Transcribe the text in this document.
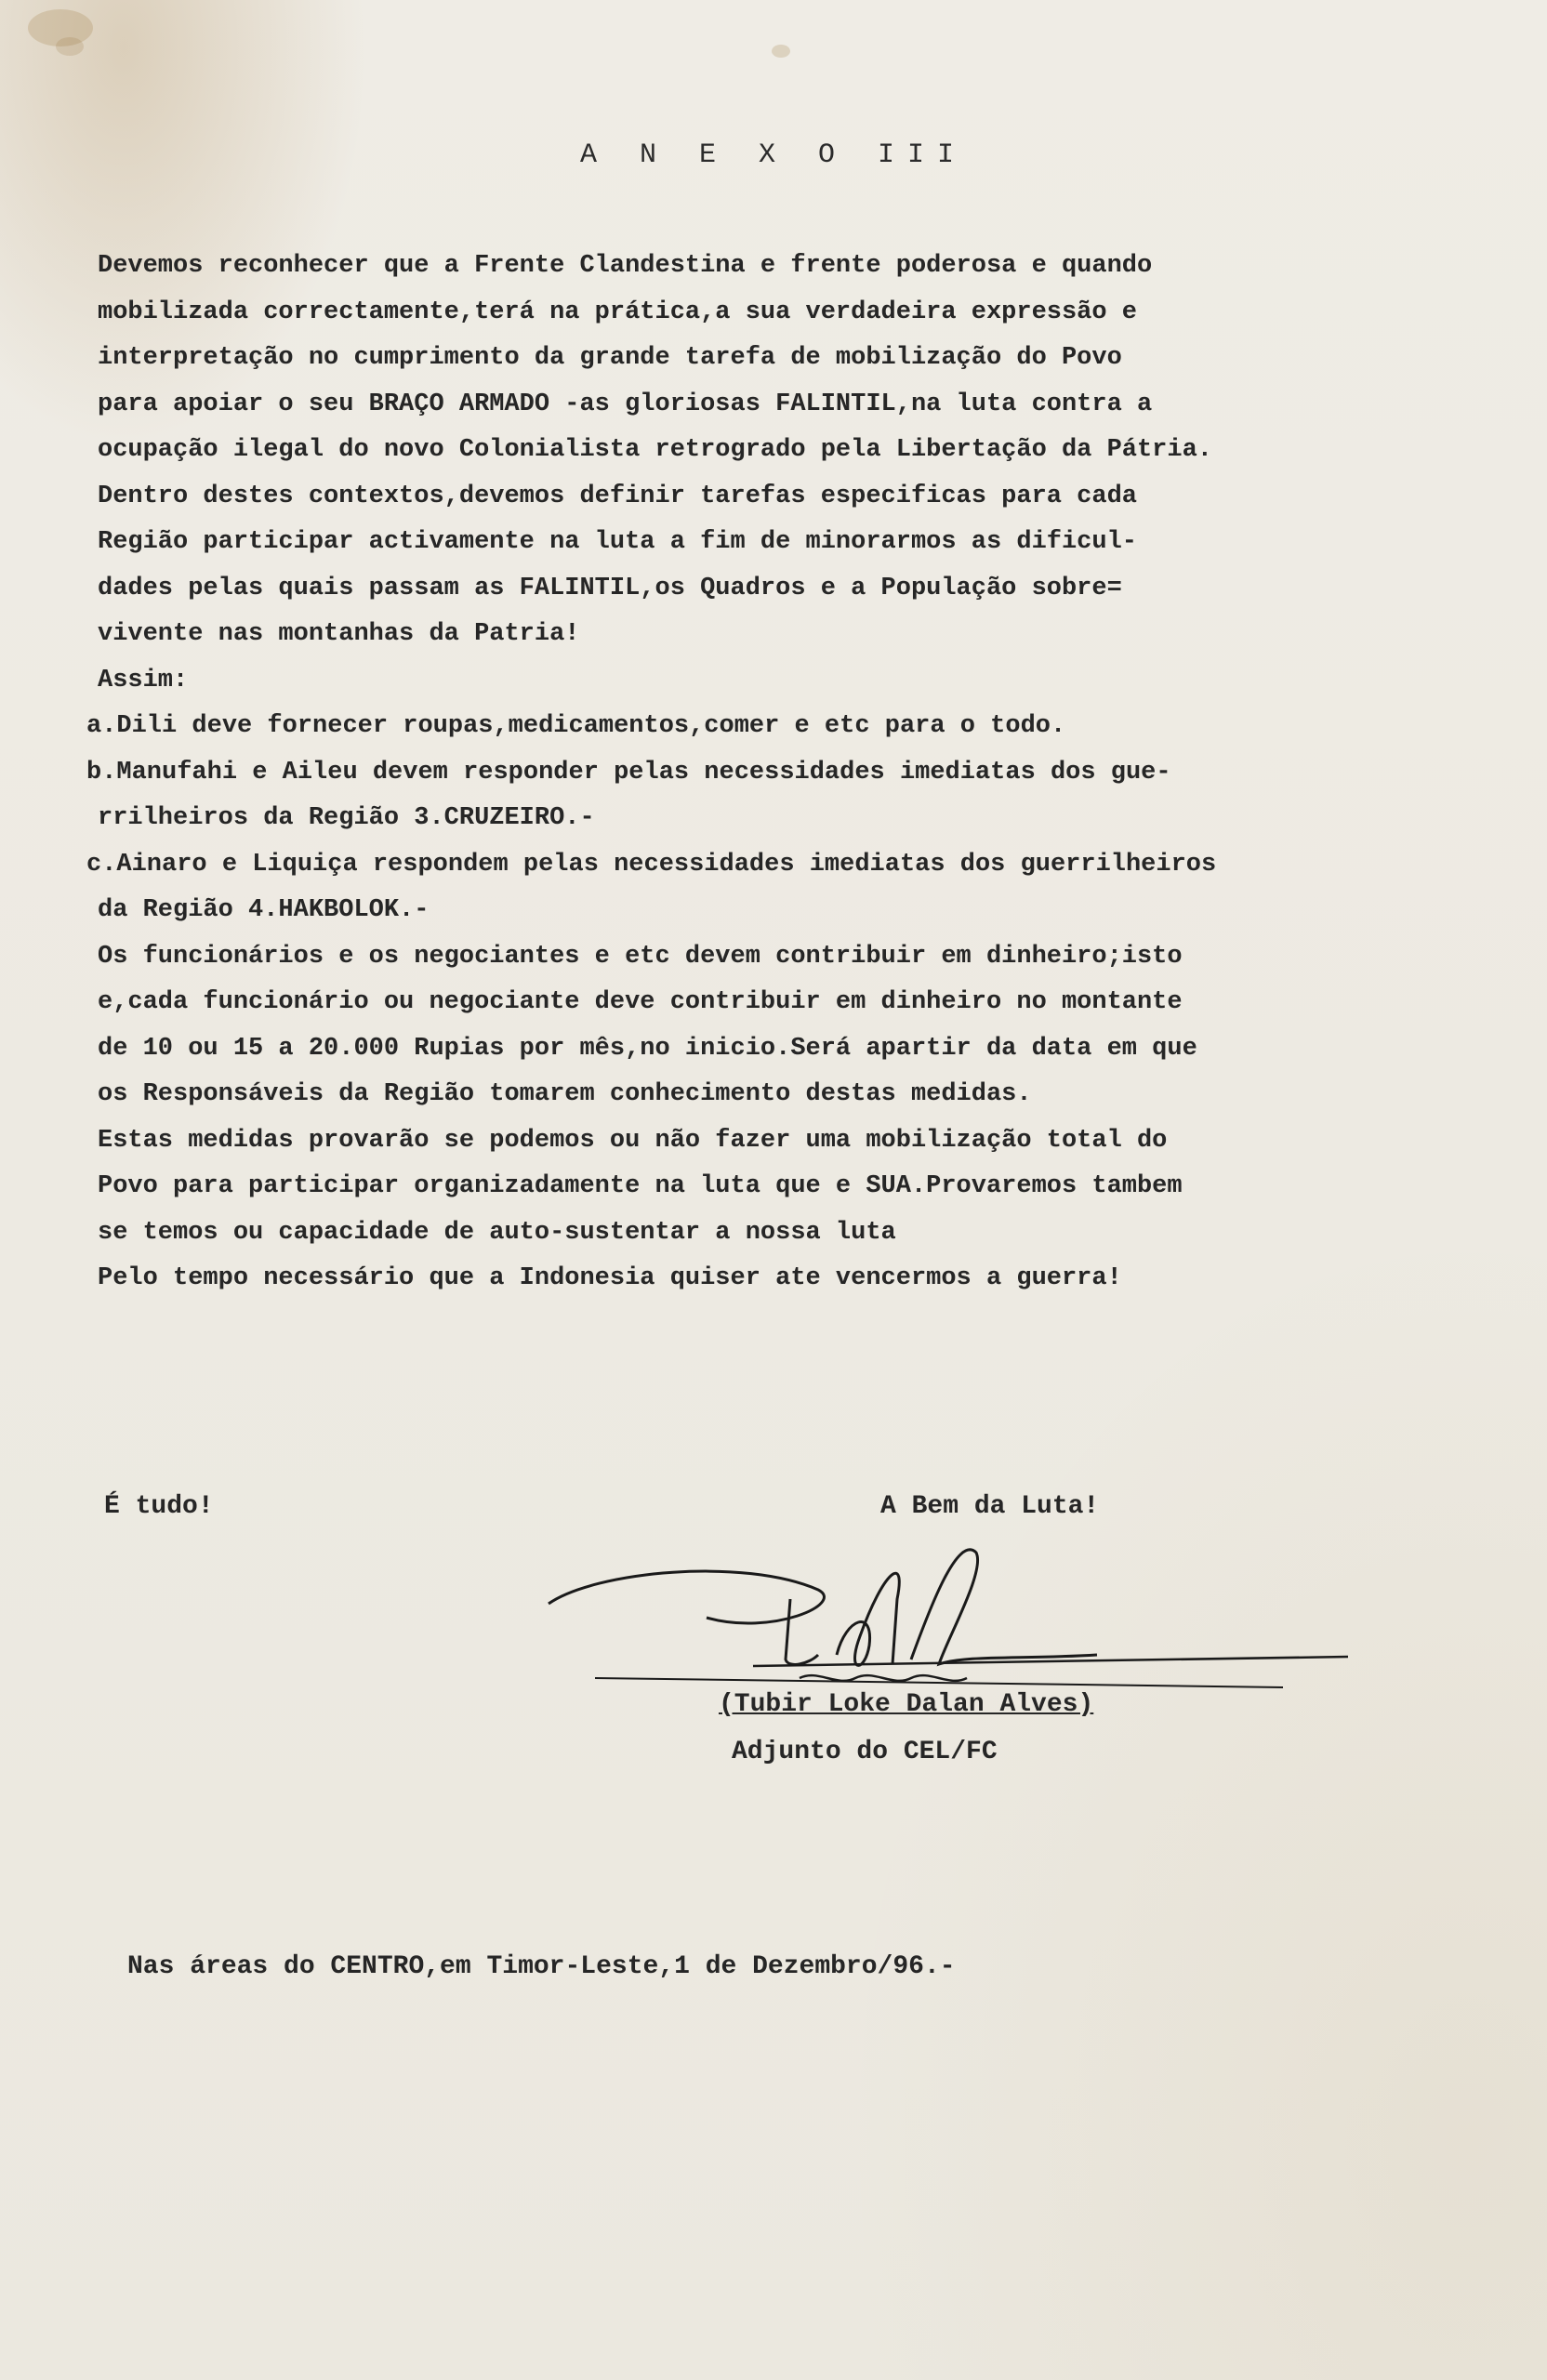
A N E X O III
Devemos reconhecer que a Frente Clandestina e frente poderosa e quando
mobilizada correctamente,terá na prática,a sua verdadeira expressão e
interpretação no cumprimento da grande tarefa de mobilização do Povo
para apoiar o seu BRAÇO ARMADO -as gloriosas FALINTIL,na luta contra a
ocupação ilegal do novo Colonialista retrogrado pela Libertação da Pátria.
Dentro destes contextos,devemos definir tarefas especificas para cada
Região participar activamente na luta a fim de minorarmos as dificul-
dades pelas quais passam as FALINTIL,os Quadros e a População sobre=
vivente nas montanhas da Patria!
Assim:
a.Dili deve fornecer roupas,medicamentos,comer e etc para o todo.
b.Manufahi e Aileu devem responder pelas necessidades imediatas dos gue-
rrilheiros da Região 3.CRUZEIRO.-
c.Ainaro e Liquiça respondem pelas necessidades imediatas dos guerrilheiros
da Região 4.HAKBOLOK.-
Os funcionários e os negociantes e etc devem contribuir em dinheiro;isto
e,cada funcionário ou negociante deve contribuir em dinheiro no montante
de 10 ou 15 a 20.000 Rupias por mês,no inicio.Será apartir da data em que
os Responsáveis da Região tomarem conhecimento destas medidas.
Estas medidas provarão se podemos ou não fazer uma mobilização total do
Povo para participar organizadamente na luta que e SUA.Provaremos tambem
se temos ou capacidade de auto-sustentar a nossa luta
Pelo tempo necessário que a Indonesia quiser ate vencermos a guerra!
É tudo!	A Bem da Luta!
(Tubir Loke Dalan Alves)
Adjunto do CEL/FC
Nas áreas do CENTRO,em Timor-Leste,1 de Dezembro/96.-
